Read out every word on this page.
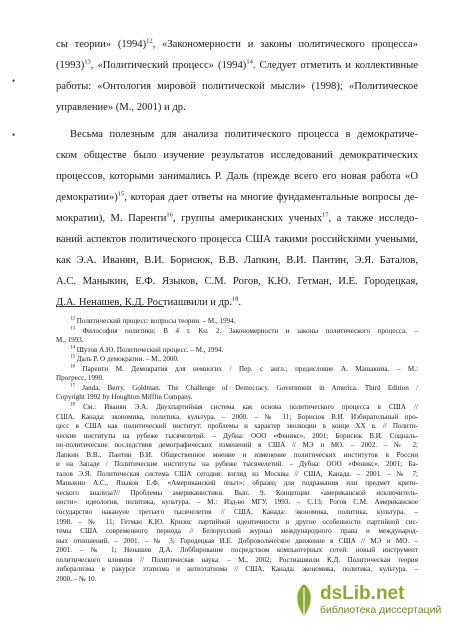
сы теории» (1994)$^{12}$, «Закономерности и законы политического процесса»
(1993)$^{13}$, «Политический процесс» (1994)$^{14}$. Следует отметить и коллективные
работы: «Онтология мировой политической мысли» (1998); «Политическое
управление» (М., 2001) и др.
Весьма полезным для анализа политического процесса в демократиче-
ском обществе было изучение результатов исследований демократических
процессов, которыми занимались Р. Даль (прежде всего его новая работа «О
демократии»)$^{15}$, которая дает ответы на многие фундаментальные вопросы де-
мократии), М. Паренти$^{16}$, группы американских ученых$^{17}$, а также исследо-
ваний аспектов политического процесса США такими российскими учеными,
как Э.А. Иванян, В.И. Борисюк, В.В. Лапкин, В.И. Пантин, Э.Я. Баталов,
А.С. Маныкин, Е.Ф. Языков, С.М. Рогов, К.Ю. Гетман, И.Е. Городецкая,
Д.А. Ненашев, К.Д. Ростиашвили и др.$^{18}$.
$^{12}$ Политический процесс: вопросы теории. – М., 1994.
$^{13}$ Философия политики: В 4 т. Кн. 2. Закономерности и законы политического процесса. –
М., 1993.
$^{14}$ Шутов А.Ю. Политический процесс. – М., 1994.
$^{15}$ Даль Р. О демократии. – М., 2000.
$^{16}$ Паренти М. Демократия для немногих / Пер. с англ.; предисловие А. Маныкина. – М.:
Прогресс, 1990.
$^{17}$ Janda, Berry, Goldman. The Challenge of Democracy. Government in America. Third Edition /
Copyright 1992 by Houghton Mifflin Company.
$^{18}$ См.: Иванян Э.А. Двухпартийная система как основа политического процесса в США //
США, Канада: экономика, политика, культура. – 2000. – № 11; Борисюк В.И. Избирательный про-
цесс в США как политический институт: проблемы и характер эволюции в конце XX в. // Полити-
ческие институты на рубеже тысячелетий. – Дубна: ООО «Феникс», 2001; Борисюк В.И. Социаль-
но-политические последствия демографических изменений в США // МЭ и МО. – 2002. – № 2;
Лапкин В.В., Пантин В.И. Общественное мнение и изменение политических институтов в России
и на Западе / Политические институты на рубеже тысячелетий. – Дубна: ООО «Феникс», 2001; Ба-
талов Э.Я. Политическая система США сегодня: взгляд из Москвы // США, Канада. – 2001. – № 7;
Маныкин А.С., Языков Е.Ф. «Американский опыт»: образец для подражания или предмет крити-
ческого анализа?// Проблемы американистики. Вып. 9. Концепции «американской исключитель-
ности»: идеология, политика, культура. – М.: Изд-во МГУ, 1993. – С.13; Рогов С.М. Американское
государство накануне третьего тысячелетия // США, Канада: экономика, политика, культура. –
1998. – № 11; Гетман К.Ю. Кризис партийной идентичности и другие особенности партийной сис-
темы США современного периода // Белорусский журнал международного права и международ-
ных отношений. – 2001. – № 3; Городецкая И.Е. Добровольческое движение в США // МЭ и МО. –
2001. – № 1; Ненашев Д.А. Лоббирование посредством компьютерных сетей: новый инструмент
политического влияния // Политическая наука. – М., 2002; Ростиашвили К.Д. Политическая теория
либерализма в ракурсе этатизма и антиэтатизма // США, Канада: экономика, политика, культура. –
2000. – № 10.
•
•
dsLib.net
библиотека диссертаций
